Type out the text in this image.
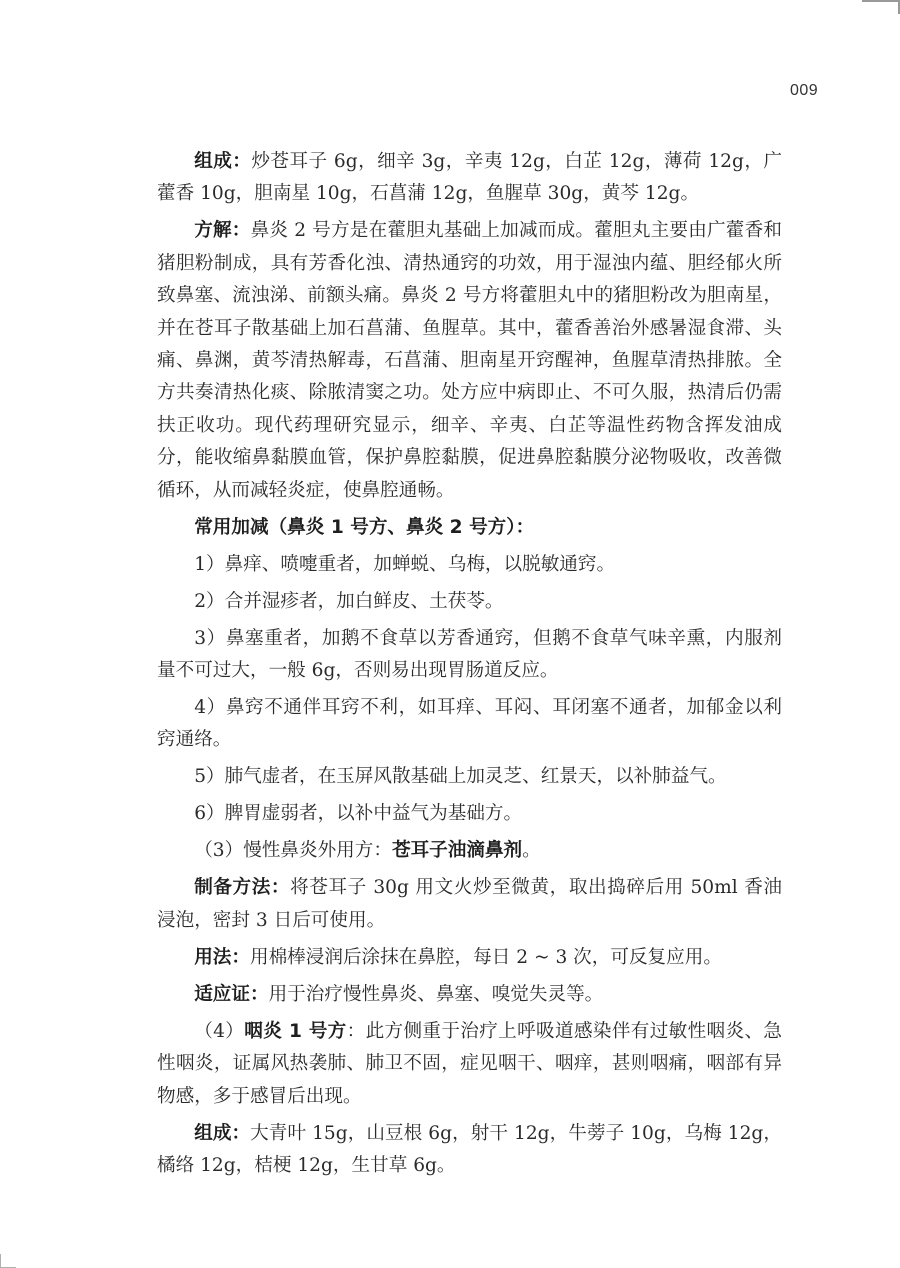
009

组成：炒苍耳子 6g，细辛 3g，辛夷 12g，白芷 12g，薄荷 12g，广藿香 10g，胆南星 10g，石菖蒲 12g，鱼腥草 30g，黄芩 12g。

方解：鼻炎 2 号方是在藿胆丸基础上加减而成。藿胆丸主要由广藿香和猪胆粉制成，具有芳香化浊、清热通窍的功效，用于湿浊内蕴、胆经郁火所致鼻塞、流浊涕、前额头痛。鼻炎 2 号方将藿胆丸中的猪胆粉改为胆南星，并在苍耳子散基础上加石菖蒲、鱼腥草。其中，藿香善治外感暑湿食滞、头痛、鼻渊，黄芩清热解毒，石菖蒲、胆南星开窍醒神，鱼腥草清热排脓。全方共奏清热化痰、除脓清窦之功。处方应中病即止、不可久服，热清后仍需扶正收功。现代药理研究显示，细辛、辛夷、白芷等温性药物含挥发油成分，能收缩鼻黏膜血管，保护鼻腔黏膜，促进鼻腔黏膜分泌物吸收，改善微循环，从而减轻炎症，使鼻腔通畅。

常用加减（鼻炎 1 号方、鼻炎 2 号方）：

1）鼻痒、喷嚏重者，加蝉蜕、乌梅，以脱敏通窍。

2）合并湿疹者，加白鲜皮、土茯苓。

3）鼻塞重者，加鹅不食草以芳香通窍，但鹅不食草气味辛熏，内服剂量不可过大，一般 6g，否则易出现胃肠道反应。

4）鼻窍不通伴耳窍不利，如耳痒、耳闷、耳闭塞不通者，加郁金以利窍通络。

5）肺气虚者，在玉屏风散基础上加灵芝、红景天，以补肺益气。

6）脾胃虚弱者，以补中益气为基础方。

（3）慢性鼻炎外用方：苍耳子油滴鼻剂。

制备方法：将苍耳子 30g 用文火炒至微黄，取出捣碎后用 50ml 香油浸泡，密封 3 日后可使用。

用法：用棉棒浸润后涂抹在鼻腔，每日 2 ~ 3 次，可反复应用。

适应证：用于治疗慢性鼻炎、鼻塞、嗅觉失灵等。

（4）咽炎 1 号方：此方侧重于治疗上呼吸道感染伴有过敏性咽炎、急性咽炎，证属风热袭肺、肺卫不固，症见咽干、咽痒，甚则咽痛，咽部有异物感，多于感冒后出现。

组成：大青叶 15g，山豆根 6g，射干 12g，牛蒡子 10g，乌梅 12g，橘络 12g，桔梗 12g，生甘草 6g。
